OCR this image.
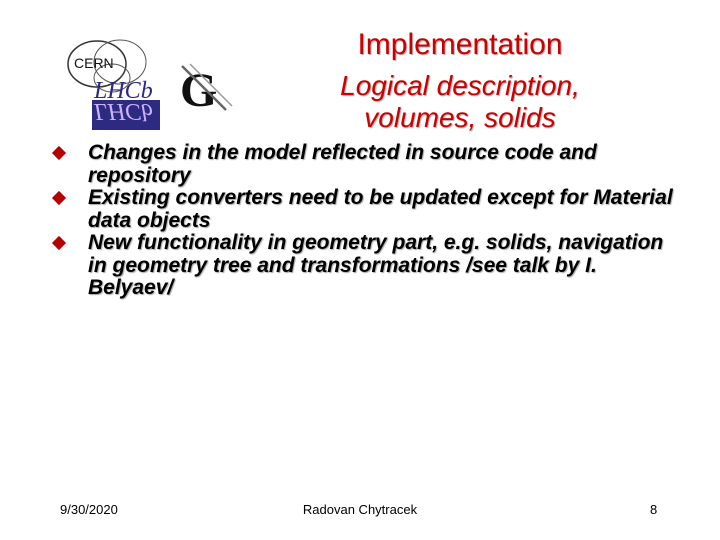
CERN
LHCb
LHCb G
Implementation
Logical description,
volumes, solids
Changes in the model reflected in source code and repository
Existing converters need to be updated except for Material data objects
New functionality in geometry part, e.g. solids, navigation in geometry tree and transformations /see talk by I. Belyaev/
9/30/2020	Radovan Chytracek	8
